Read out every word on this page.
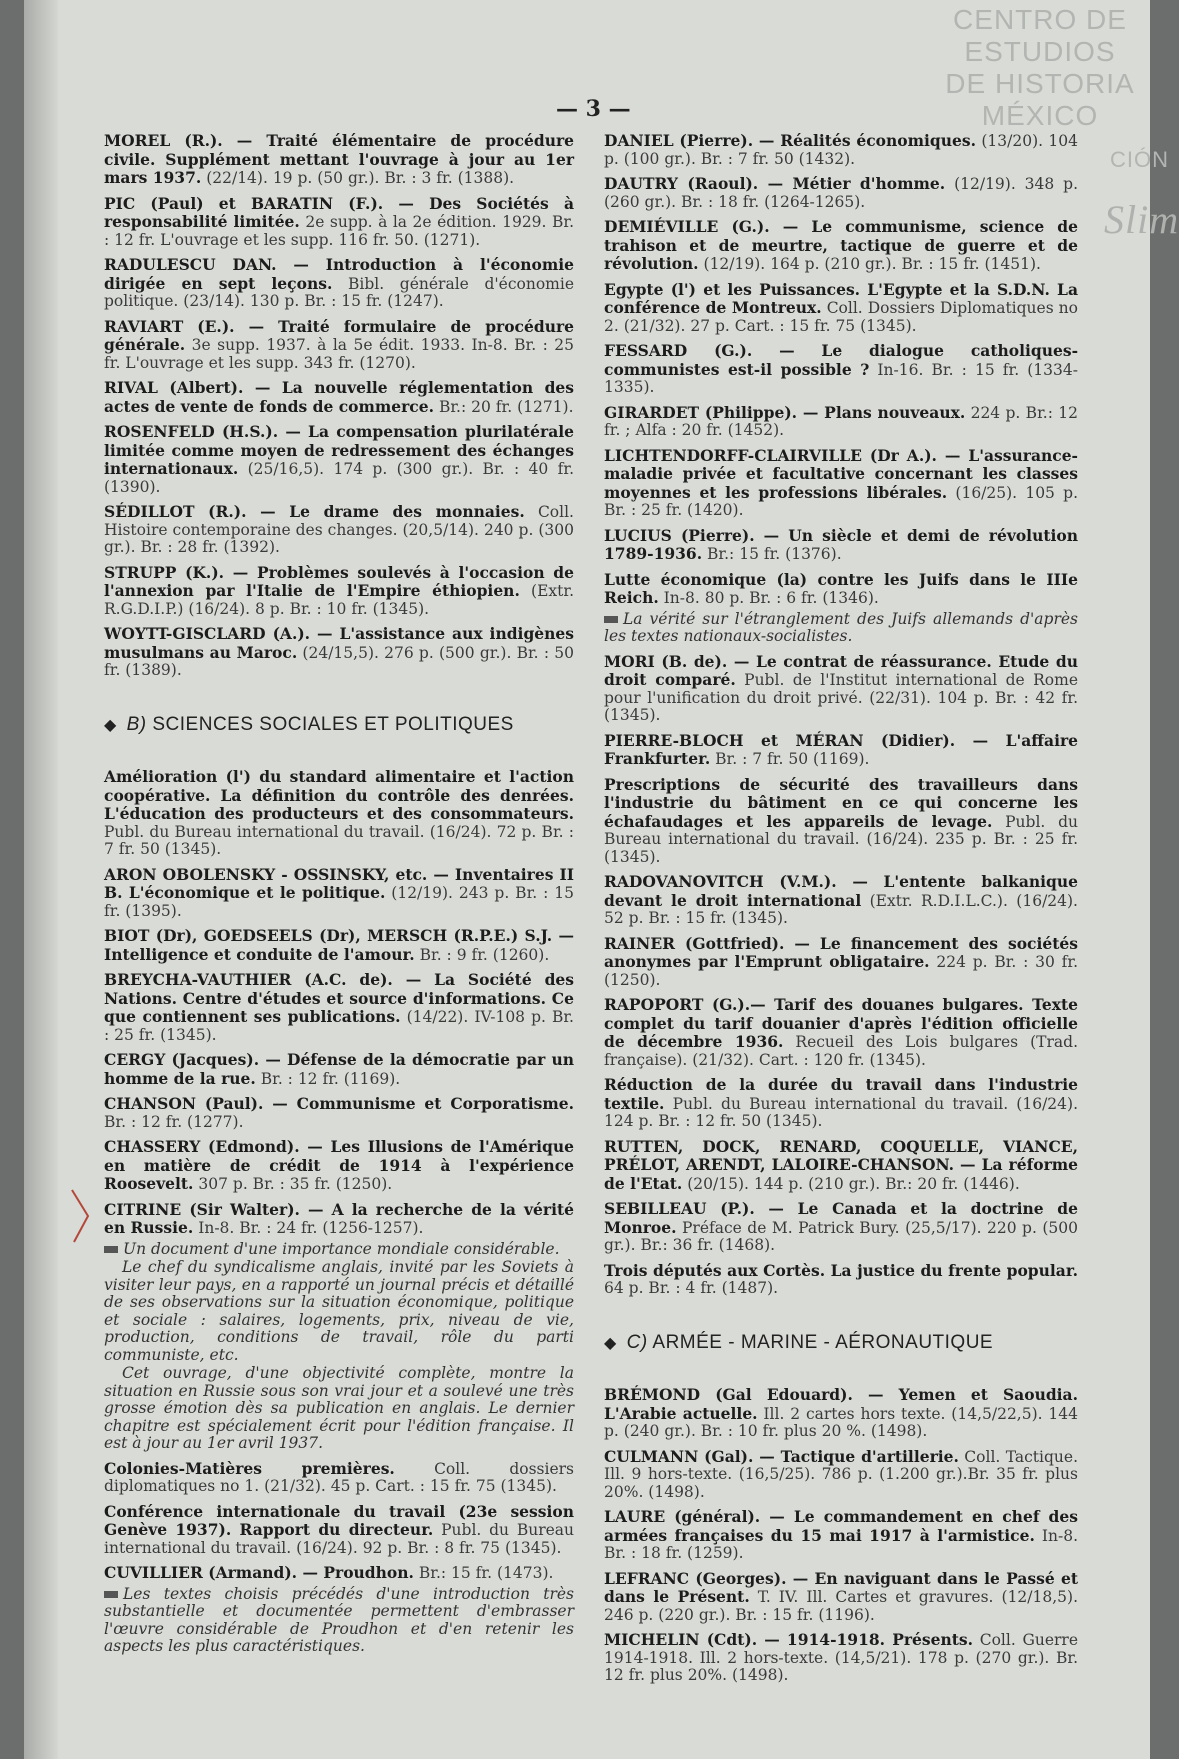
CENTRO DE
ESTUDIOS
DE HISTORIA
MÉXICO
CIÓN
Slim
— 3 —
MOREL (R.). — Traité élémentaire de procédure civile. Supplément mettant l'ouvrage à jour au 1er mars 1937. (22/14). 19 p. (50 gr.). Br. : 3 fr. (1388).
PIC (Paul) et BARATIN (F.). — Des Sociétés à responsabilité limitée. 2e supp. à la 2e édition. 1929. Br. : 12 fr. L'ouvrage et les supp. 116 fr. 50. (1271).
RADULESCU DAN. — Introduction à l'économie dirigée en sept leçons. Bibl. générale d'économie politique. (23/14). 130 p. Br. : 15 fr. (1247).
RAVIART (E.). — Traité formulaire de procédure générale. 3e supp. 1937. à la 5e édit. 1933. In-8. Br. : 25 fr. L'ouvrage et les supp. 343 fr. (1270).
RIVAL (Albert). — La nouvelle réglementation des actes de vente de fonds de commerce. Br.: 20 fr. (1271).
ROSENFELD (H.S.). — La compensation plurilatérale limitée comme moyen de redressement des échanges internationaux. (25/16,5). 174 p. (300 gr.). Br. : 40 fr. (1390).
SÉDILLOT (R.). — Le drame des monnaies. Coll. Histoire contemporaine des changes. (20,5/14). 240 p. (300 gr.). Br. : 28 fr. (1392).
STRUPP (K.). — Problèmes soulevés à l'occasion de l'annexion par l'Italie de l'Empire éthiopien. (Extr. R.G.D.I.P.) (16/24). 8 p. Br. : 10 fr. (1345).
WOYTT-GISCLARD (A.). — L'assistance aux indigènes musulmans au Maroc. (24/15,5). 276 p. (500 gr.). Br. : 50 fr. (1389).
◆ B) SCIENCES SOCIALES ET POLITIQUES
Amélioration (l') du standard alimentaire et l'action coopérative. La définition du contrôle des denrées. L'éducation des producteurs et des consommateurs. Publ. du Bureau international du travail. (16/24). 72 p. Br. : 7 fr. 50 (1345).
ARON OBOLENSKY - OSSINSKY, etc. — Inventaires II B. L'économique et le politique. (12/19). 243 p. Br. : 15 fr. (1395).
BIOT (Dr), GOEDSEELS (Dr), MERSCH (R.P.E.) S.J. — Intelligence et conduite de l'amour. Br. : 9 fr. (1260).
BREYCHA-VAUTHIER (A.C. de). — La Société des Nations. Centre d'études et source d'informations. Ce que contiennent ses publications. (14/22). IV-108 p. Br. : 25 fr. (1345).
CERGY (Jacques). — Défense de la démocratie par un homme de la rue. Br. : 12 fr. (1169).
CHANSON (Paul). — Communisme et Corporatisme. Br. : 12 fr. (1277).
CHASSERY (Edmond). — Les Illusions de l'Amérique en matière de crédit de 1914 à l'expérience Roosevelt. 307 p. Br. : 35 fr. (1250).
CITRINE (Sir Walter). — A la recherche de la vérité en Russie. In-8. Br. : 24 fr. (1256-1257).
Un document d'une importance mondiale considérable.
Le chef du syndicalisme anglais, invité par les Soviets à visiter leur pays, en a rapporté un journal précis et détaillé de ses observations sur la situation économique, politique et sociale : salaires, logements, prix, niveau de vie, production, conditions de travail, rôle du parti communiste, etc.
Cet ouvrage, d'une objectivité complète, montre la situation en Russie sous son vrai jour et a soulevé une très grosse émotion dès sa publication en anglais. Le dernier chapitre est spécialement écrit pour l'édition française. Il est à jour au 1er avril 1937.
Colonies-Matières premières. Coll. dossiers diplomatiques no 1. (21/32). 45 p. Cart. : 15 fr. 75 (1345).
Conférence internationale du travail (23e session Genève 1937). Rapport du directeur. Publ. du Bureau international du travail. (16/24). 92 p. Br. : 8 fr. 75 (1345).
CUVILLIER (Armand). — Proudhon. Br.: 15 fr. (1473).
Les textes choisis précédés d'une introduction très substantielle et documentée permettent d'embrasser l'œuvre considérable de Proudhon et d'en retenir les aspects les plus caractéristiques.
DANIEL (Pierre). — Réalités économiques. (13/20). 104 p. (100 gr.). Br. : 7 fr. 50 (1432).
DAUTRY (Raoul). — Métier d'homme. (12/19). 348 p. (260 gr.). Br. : 18 fr. (1264-1265).
DEMIÉVILLE (G.). — Le communisme, science de trahison et de meurtre, tactique de guerre et de révolution. (12/19). 164 p. (210 gr.). Br. : 15 fr. (1451).
Egypte (l') et les Puissances. L'Egypte et la S.D.N. La conférence de Montreux. Coll. Dossiers Diplomatiques no 2. (21/32). 27 p. Cart. : 15 fr. 75 (1345).
FESSARD (G.). — Le dialogue catholiques-communistes est-il possible ? In-16. Br. : 15 fr. (1334-1335).
GIRARDET (Philippe). — Plans nouveaux. 224 p. Br.: 12 fr. ; Alfa : 20 fr. (1452).
LICHTENDORFF-CLAIRVILLE (Dr A.). — L'assurance-maladie privée et facultative concernant les classes moyennes et les professions libérales. (16/25). 105 p. Br. : 25 fr. (1420).
LUCIUS (Pierre). — Un siècle et demi de révolution 1789-1936. Br.: 15 fr. (1376).
Lutte économique (la) contre les Juifs dans le IIIe Reich. In-8. 80 p. Br. : 6 fr. (1346).
La vérité sur l'étranglement des Juifs allemands d'après les textes nationaux-socialistes.
MORI (B. de). — Le contrat de réassurance. Etude du droit comparé. Publ. de l'Institut international de Rome pour l'unification du droit privé. (22/31). 104 p. Br. : 42 fr. (1345).
PIERRE-BLOCH et MÉRAN (Didier). — L'affaire Frankfurter. Br. : 7 fr. 50 (1169).
Prescriptions de sécurité des travailleurs dans l'industrie du bâtiment en ce qui concerne les échafaudages et les appareils de levage. Publ. du Bureau international du travail. (16/24). 235 p. Br. : 25 fr. (1345).
RADOVANOVITCH (V.M.). — L'entente balkanique devant le droit international (Extr. R.D.I.L.C.). (16/24). 52 p. Br. : 15 fr. (1345).
RAINER (Gottfried). — Le financement des sociétés anonymes par l'Emprunt obligataire. 224 p. Br. : 30 fr. (1250).
RAPOPORT (G.).— Tarif des douanes bulgares. Texte complet du tarif douanier d'après l'édition officielle de décembre 1936. Recueil des Lois bulgares (Trad. française). (21/32). Cart. : 120 fr. (1345).
Réduction de la durée du travail dans l'industrie textile. Publ. du Bureau international du travail. (16/24). 124 p. Br. : 12 fr. 50 (1345).
RUTTEN, DOCK, RENARD, COQUELLE, VIANCE, PRÉLOT, ARENDT, LALOIRE-CHANSON. — La réforme de l'Etat. (20/15). 144 p. (210 gr.). Br.: 20 fr. (1446).
SEBILLEAU (P.). — Le Canada et la doctrine de Monroe. Préface de M. Patrick Bury. (25,5/17). 220 p. (500 gr.). Br.: 36 fr. (1468).
Trois députés aux Cortès. La justice du frente popular. 64 p. Br. : 4 fr. (1487).
◆ C) ARMÉE - MARINE - AÉRONAUTIQUE
BRÉMOND (Gal Edouard). — Yemen et Saoudia. L'Arabie actuelle. Ill. 2 cartes hors texte. (14,5/22,5). 144 p. (240 gr.). Br. : 10 fr. plus 20 %. (1498).
CULMANN (Gal). — Tactique d'artillerie. Coll. Tactique. Ill. 9 hors-texte. (16,5/25). 786 p. (1.200 gr.).Br. 35 fr. plus 20%. (1498).
LAURE (général). — Le commandement en chef des armées françaises du 15 mai 1917 à l'armistice. In-8. Br. : 18 fr. (1259).
LEFRANC (Georges). — En naviguant dans le Passé et dans le Présent. T. IV. Ill. Cartes et gravures. (12/18,5). 246 p. (220 gr.). Br. : 15 fr. (1196).
MICHELIN (Cdt). — 1914-1918. Présents. Coll. Guerre 1914-1918. Ill. 2 hors-texte. (14,5/21). 178 p. (270 gr.). Br. 12 fr. plus 20%. (1498).
